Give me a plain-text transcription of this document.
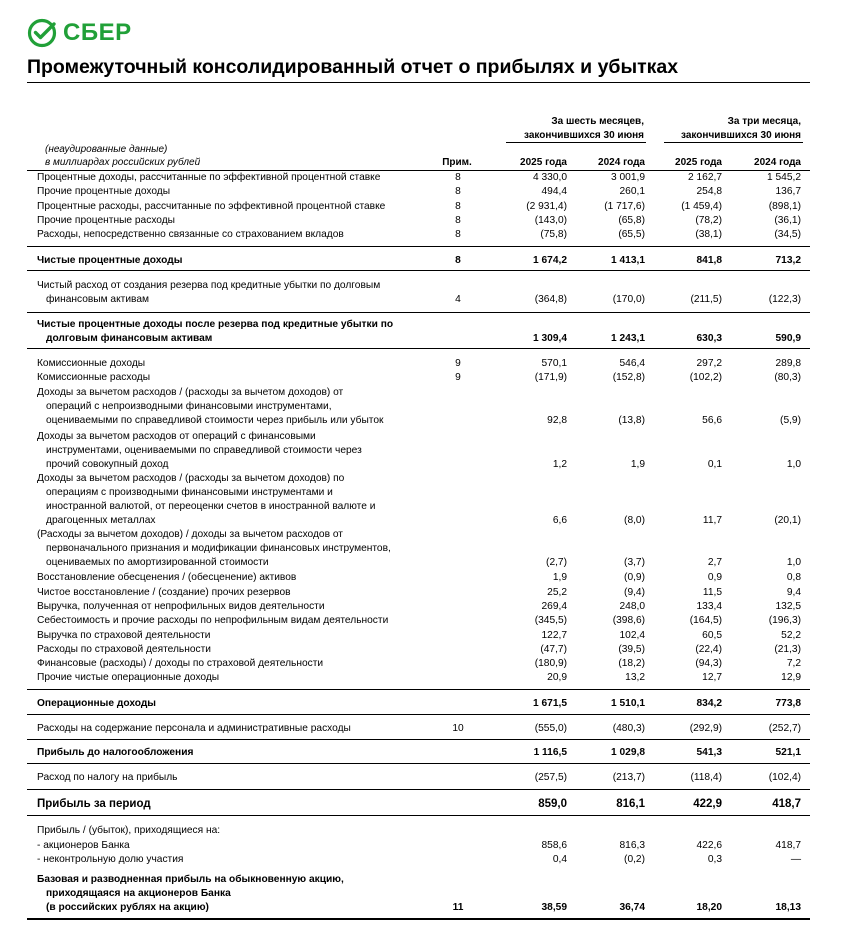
СБЕР
Промежуточный консолидированный отчет о прибылях и убытках
За шесть месяцев,
закончившихся 30 июня
За три месяца,
закончившихся 30 июня
(неаудированные данные)
в миллиардах российских рублей	Прим.	2025 года	2024 года	2025 года	2024 года
Процентные доходы, рассчитанные по эффективной процентной ставке	8	4 330,0	3 001,9	2 162,7	1 545,2
Прочие процентные доходы	8	494,4	260,1	254,8	136,7
Процентные расходы, рассчитанные по эффективной процентной ставке	8	(2 931,4)	(1 717,6)	(1 459,4)	(898,1)
Прочие процентные расходы	8	(143,0)	(65,8)	(78,2)	(36,1)
Расходы, непосредственно связанные со страхованием вкладов	8	(75,8)	(65,5)	(38,1)	(34,5)
Чистые процентные доходы	8	1 674,2	1 413,1	841,8	713,2
Чистый расход от создания резерва под кредитные убытки по долговым
финансовым активам	4	(364,8)	(170,0)	(211,5)	(122,3)
Чистые процентные доходы после резерва под кредитные убытки по
долговым финансовым активам	1 309,4	1 243,1	630,3	590,9
Комиссионные доходы	9	570,1	546,4	297,2	289,8
Комиссионные расходы	9	(171,9)	(152,8)	(102,2)	(80,3)
Доходы за вычетом расходов / (расходы за вычетом доходов) от
операций с непроизводными финансовыми инструментами,
оцениваемыми по справедливой стоимости через прибыль или убыток	92,8	(13,8)	56,6	(5,9)
Доходы за вычетом расходов от операций с финансовыми
инструментами, оцениваемыми по справедливой стоимости через
прочий совокупный доход	1,2	1,9	0,1	1,0
Доходы за вычетом расходов / (расходы за вычетом доходов) по
операциям с производными финансовыми инструментами и
иностранной валютой, от переоценки счетов в иностранной валюте и
драгоценных металлах	6,6	(8,0)	11,7	(20,1)
(Расходы за вычетом доходов) / доходы за вычетом расходов от
первоначального признания и модификации финансовых инструментов,
оцениваемых по амортизированной стоимости	(2,7)	(3,7)	2,7	1,0
Восстановление обесценения / (обесценение) активов	1,9	(0,9)	0,9	0,8
Чистое восстановление / (создание) прочих резервов	25,2	(9,4)	11,5	9,4
Выручка, полученная от непрофильных видов деятельности	269,4	248,0	133,4	132,5
Себестоимость и прочие расходы по непрофильным видам деятельности	(345,5)	(398,6)	(164,5)	(196,3)
Выручка по страховой деятельности	122,7	102,4	60,5	52,2
Расходы по страховой деятельности	(47,7)	(39,5)	(22,4)	(21,3)
Финансовые (расходы) / доходы по страховой деятельности	(180,9)	(18,2)	(94,3)	7,2
Прочие чистые операционные доходы	20,9	13,2	12,7	12,9
Операционные доходы	1 671,5	1 510,1	834,2	773,8
Расходы на содержание персонала и административные расходы	10	(555,0)	(480,3)	(292,9)	(252,7)
Прибыль до налогообложения	1 116,5	1 029,8	541,3	521,1
Расход по налогу на прибыль	(257,5)	(213,7)	(118,4)	(102,4)
Прибыль за период	859,0	816,1	422,9	418,7
Прибыль / (убыток), приходящиеся на:
- акционеров Банка	858,6	816,3	422,6	418,7
- неконтрольную долю участия	0,4	(0,2)	0,3	—
Базовая и разводненная прибыль на обыкновенную акцию,
приходящаяся на акционеров Банка
(в российских рублях на акцию)	11	38,59	36,74	18,20	18,13
